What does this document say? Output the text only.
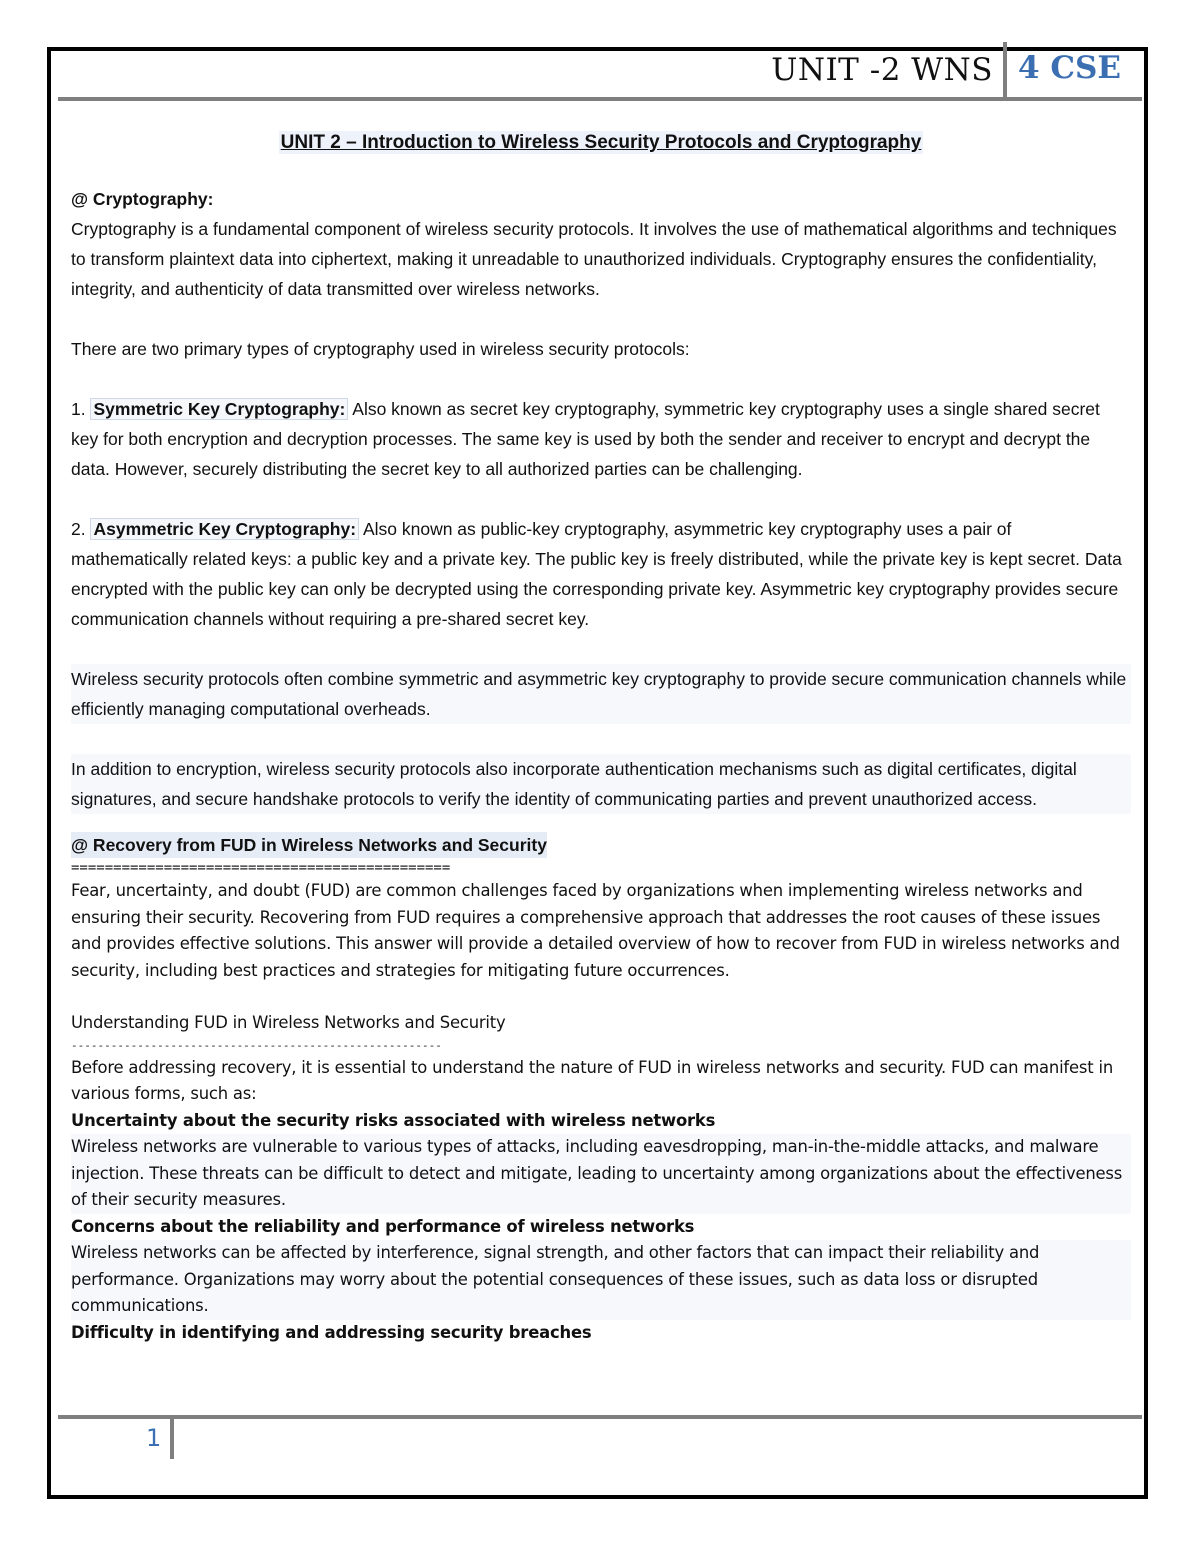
UNIT -2 WNS 4 CSE

UNIT 2 – Introduction to Wireless Security Protocols and Cryptography

@ Cryptography:

Cryptography is a fundamental component of wireless security protocols. It involves the use of mathematical algorithms and techniques to transform plaintext data into ciphertext, making it unreadable to unauthorized individuals. Cryptography ensures the confidentiality, integrity, and authenticity of data transmitted over wireless networks.

There are two primary types of cryptography used in wireless security protocols:

1. Symmetric Key Cryptography: Also known as secret key cryptography, symmetric key cryptography uses a single shared secret key for both encryption and decryption processes. The same key is used by both the sender and receiver to encrypt and decrypt the data. However, securely distributing the secret key to all authorized parties can be challenging.

2. Asymmetric Key Cryptography: Also known as public-key cryptography, asymmetric key cryptography uses a pair of mathematically related keys: a public key and a private key. The public key is freely distributed, while the private key is kept secret. Data encrypted with the public key can only be decrypted using the corresponding private key. Asymmetric key cryptography provides secure communication channels without requiring a pre-shared secret key.

Wireless security protocols often combine symmetric and asymmetric key cryptography to provide secure communication channels while efficiently managing computational overheads.

In addition to encryption, wireless security protocols also incorporate authentication mechanisms such as digital certificates, digital signatures, and secure handshake protocols to verify the identity of communicating parties and prevent unauthorized access.

@ Recovery from FUD in Wireless Networks and Security
=============================================

Fear, uncertainty, and doubt (FUD) are common challenges faced by organizations when implementing wireless networks and ensuring their security. Recovering from FUD requires a comprehensive approach that addresses the root causes of these issues and provides effective solutions. This answer will provide a detailed overview of how to recover from FUD in wireless networks and security, including best practices and strategies for mitigating future occurrences.

Understanding FUD in Wireless Networks and Security

--------------------------------------------------------

Before addressing recovery, it is essential to understand the nature of FUD in wireless networks and security. FUD can manifest in various forms, such as:

Uncertainty about the security risks associated with wireless networks

Wireless networks are vulnerable to various types of attacks, including eavesdropping, man-in-the-middle attacks, and malware injection. These threats can be difficult to detect and mitigate, leading to uncertainty among organizations about the effectiveness of their security measures.

Concerns about the reliability and performance of wireless networks

Wireless networks can be affected by interference, signal strength, and other factors that can impact their reliability and performance. Organizations may worry about the potential consequences of these issues, such as data loss or disrupted communications.

Difficulty in identifying and addressing security breaches

1
